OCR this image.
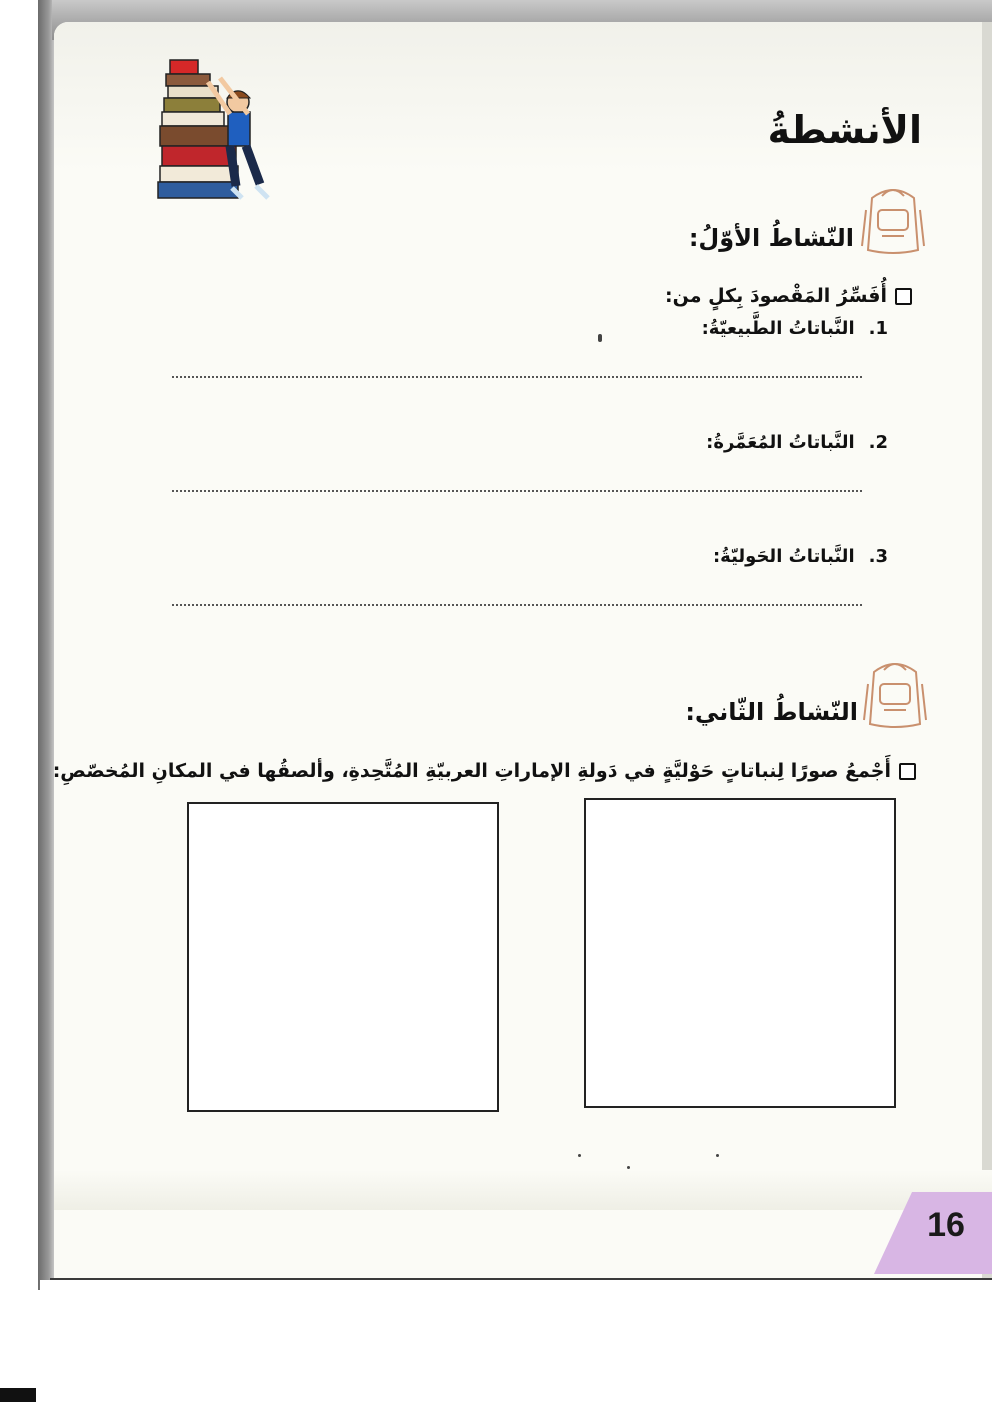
الأنشطةُ
النّشاطُ الأوّلُ:
أُفَسِّرُ المَقْصودَ بِكلٍ من:
1.
النَّباتاتُ الطَّبيعيّةُ:
2.
النَّباتاتُ المُعَمَّرةُ:
3.
النَّباتاتُ الحَوليّةُ:
النّشاطُ الثّاني:
أَجْمعُ صورًا لِنباتاتٍ حَوْليَّةٍ في دَولةِ الإماراتِ العربيّةِ المُتَّحِدةِ، وألصقُها في المكانِ المُخصّصِ:
16
